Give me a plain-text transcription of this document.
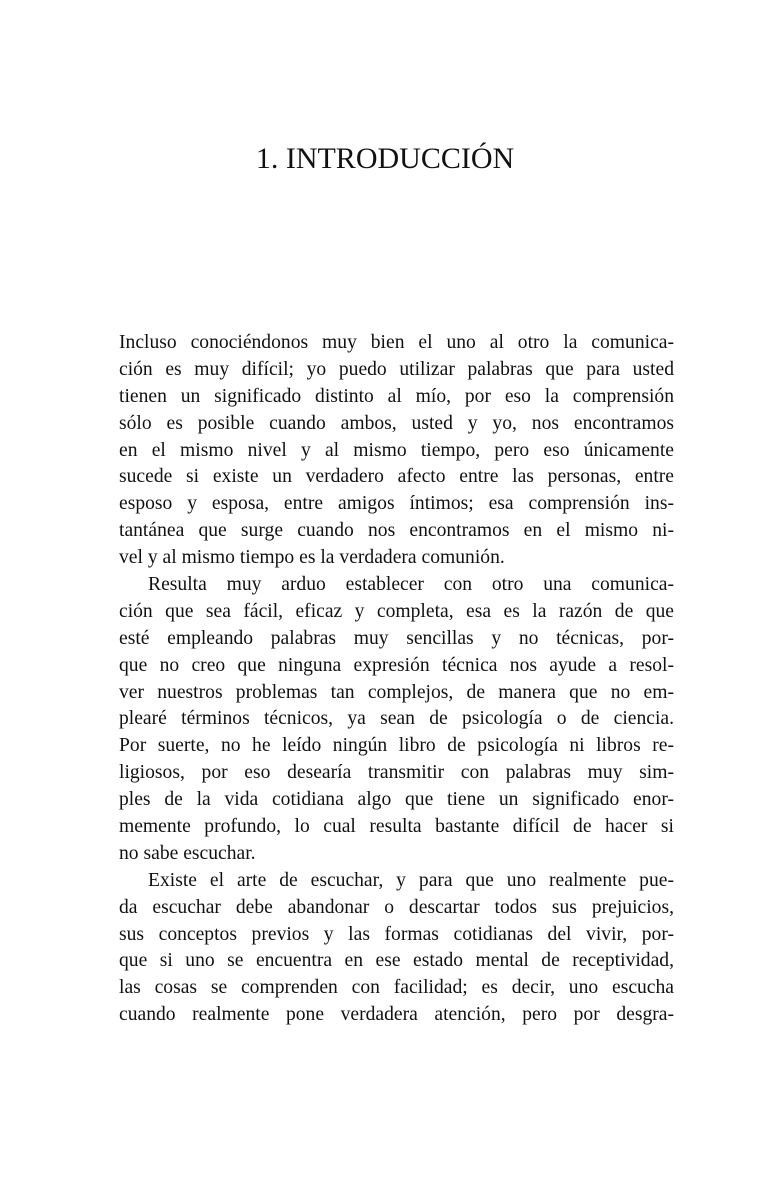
1. INTRODUCCIÓN
Incluso conociéndonos muy bien el uno al otro la comunica-
ción es muy difícil; yo puedo utilizar palabras que para usted
tienen un significado distinto al mío, por eso la comprensión
sólo es posible cuando ambos, usted y yo, nos encontramos
en el mismo nivel y al mismo tiempo, pero eso únicamente
sucede si existe un verdadero afecto entre las personas, entre
esposo y esposa, entre amigos íntimos; esa comprensión ins-
tantánea que surge cuando nos encontramos en el mismo ni-
vel y al mismo tiempo es la verdadera comunión.
Resulta muy arduo establecer con otro una comunica-
ción que sea fácil, eficaz y completa, esa es la razón de que
esté empleando palabras muy sencillas y no técnicas, por-
que no creo que ninguna expresión técnica nos ayude a resol-
ver nuestros problemas tan complejos, de manera que no em-
plearé términos técnicos, ya sean de psicología o de ciencia.
Por suerte, no he leído ningún libro de psicología ni libros re-
ligiosos, por eso desearía transmitir con palabras muy sim-
ples de la vida cotidiana algo que tiene un significado enor-
memente profundo, lo cual resulta bastante difícil de hacer si
no sabe escuchar.
Existe el arte de escuchar, y para que uno realmente pue-
da escuchar debe abandonar o descartar todos sus prejuicios,
sus conceptos previos y las formas cotidianas del vivir, por-
que si uno se encuentra en ese estado mental de receptividad,
las cosas se comprenden con facilidad; es decir, uno escucha
cuando realmente pone verdadera atención, pero por desgra-
